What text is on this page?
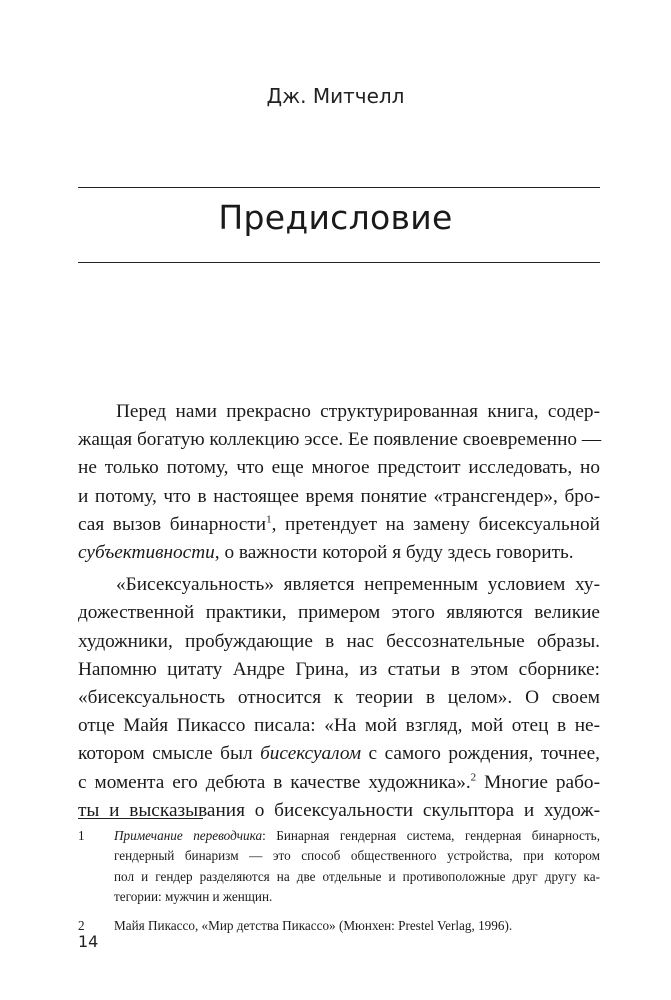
Дж. Митчелл
Предисловие
Перед нами прекрасно структурированная книга, содер-
жащая богатую коллекцию эссе. Ее появление своевременно —
не только потому, что еще многое предстоит исследовать, но
и потому, что в настоящее время понятие «трансгендер», бро-
сая вызов бинарности$^1$, претендует на замену бисексуальной
субъективности, о важности которой я буду здесь говорить.
«Бисексуальность» является непременным условием ху-
дожественной практики, примером этого являются великие
художники, пробуждающие в нас бессознательные образы.
Напомню цитату Андре Грина, из статьи в этом сборнике:
«бисексуальность относится к теории в целом». О своем
отце Майя Пикассо писала: «На мой взгляд, мой отец в не-
котором смысле был бисексуалом с самого рождения, точнее,
с момента его дебюта в качестве художника».$^2$ Многие рабо-
ты и высказывания о бисексуальности скульптора и худож-
1 Примечание переводчика: Бинарная гендерная система, гендерная бинарность,
гендерный бинаризм — это способ общественного устройства, при котором
пол и гендер разделяются на две отдельные и противоположные друг другу ка-
тегории: мужчин и женщин.
2 Майя Пикассо, «Мир детства Пикассо» (Мюнхен: Prestel Verlag, 1996).
14
